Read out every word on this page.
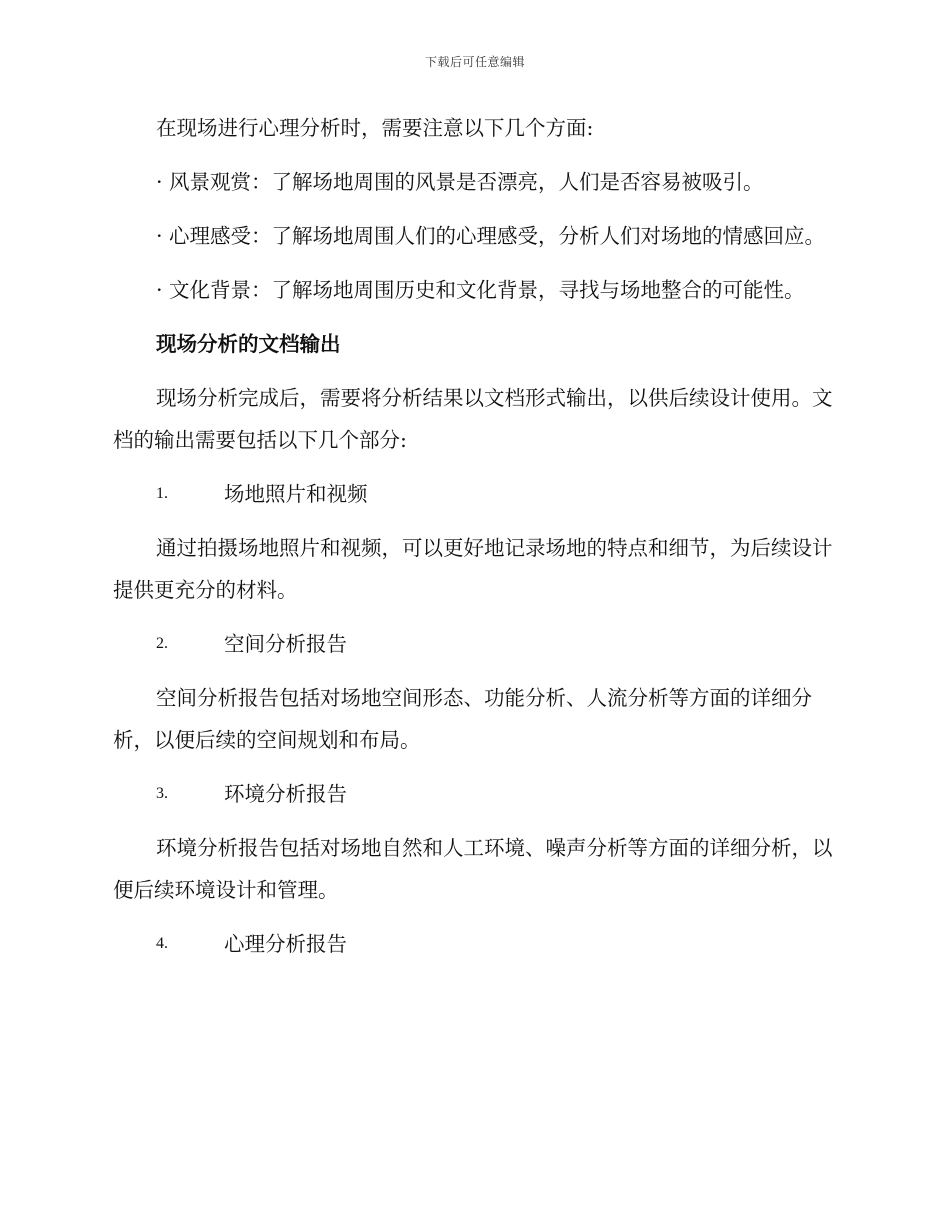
下载后可任意编辑

在现场进行心理分析时，需要注意以下几个方面:

· 风景观赏：了解场地周围的风景是否漂亮，人们是否容易被吸引。

· 心理感受：了解场地周围人们的心理感受，分析人们对场地的情感回应。

· 文化背景：了解场地周围历史和文化背景，寻找与场地整合的可能性。

现场分析的文档输出

现场分析完成后，需要将分析结果以文档形式输出，以供后续设计使用。文档的输出需要包括以下几个部分:

1.	场地照片和视频

通过拍摄场地照片和视频，可以更好地记录场地的特点和细节，为后续设计提供更充分的材料。

2.	空间分析报告

空间分析报告包括对场地空间形态、功能分析、人流分析等方面的详细分析，以便后续的空间规划和布局。

3.	环境分析报告

环境分析报告包括对场地自然和人工环境、噪声分析等方面的详细分析，以便后续环境设计和管理。

4.	心理分析报告
